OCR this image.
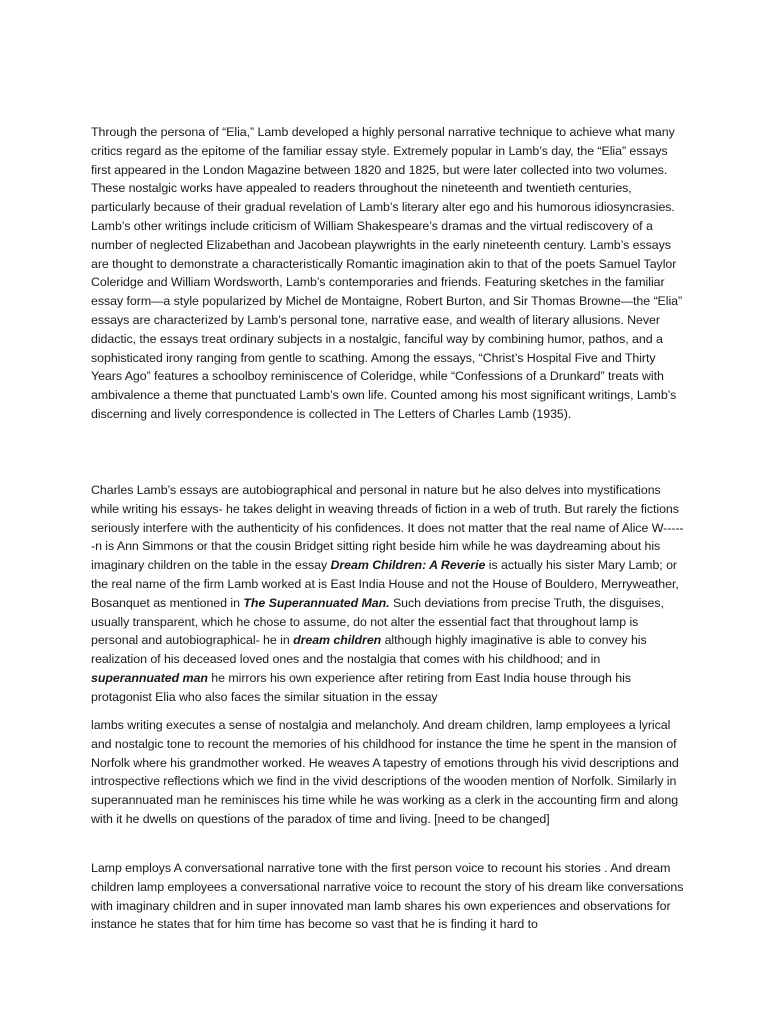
Through the persona of “Elia,” Lamb developed a highly personal narrative technique to achieve what many critics regard as the epitome of the familiar essay style. Extremely popular in Lamb’s day, the “Elia” essays first appeared in the London Magazine between 1820 and 1825, but were later collected into two volumes. These nostalgic works have appealed to readers throughout the nineteenth and twentieth centuries, particularly because of their gradual revelation of Lamb’s literary alter ego and his humorous idiosyncrasies. Lamb’s other writings include criticism of William Shakespeare’s dramas and the virtual rediscovery of a number of neglected Elizabethan and Jacobean playwrights in the early nineteenth century. Lamb’s essays are thought to demonstrate a characteristically Romantic imagination akin to that of the poets Samuel Taylor Coleridge and William Wordsworth, Lamb’s contemporaries and friends. Featuring sketches in the familiar essay form—a style popularized by Michel de Montaigne, Robert Burton, and Sir Thomas Browne—the “Elia” essays are characterized by Lamb’s personal tone, narrative ease, and wealth of literary allusions. Never didactic, the essays treat ordinary subjects in a nostalgic, fanciful way by combining humor, pathos, and a sophisticated irony ranging from gentle to scathing. Among the essays, “Christ’s Hospital Five and Thirty Years Ago” features a schoolboy reminiscence of Coleridge, while “Confessions of a Drunkard” treats with ambivalence a theme that punctuated Lamb’s own life. Counted among his most significant writings, Lamb’s discerning and lively correspondence is collected in The Letters of Charles Lamb (1935).

Charles Lamb’s essays are autobiographical and personal in nature but he also delves into mystifications while writing his essays- he takes delight in weaving threads of fiction in a web of truth. But rarely the fictions seriously interfere with the authenticity of his confidences. It does not matter that the real name of Alice W------n is Ann Simmons or that the cousin Bridget sitting right beside him while he was daydreaming about his imaginary children on the table in the essay Dream Children: A Reverie is actually his sister Mary Lamb; or the real name of the firm Lamb worked at is East India House and not the House of Bouldero, Merryweather, Bosanquet as mentioned in The Superannuated Man. Such deviations from precise Truth, the disguises, usually transparent, which he chose to assume, do not alter the essential fact that throughout lamp is personal and autobiographical- he in dream children although highly imaginative is able to convey his realization of his deceased loved ones and the nostalgia that comes with his childhood; and in superannuated man he mirrors his own experience after retiring from East India house through his protagonist Elia who also faces the similar situation in the essay

lambs writing executes a sense of nostalgia and melancholy. And dream children, lamp employees a lyrical and nostalgic tone to recount the memories of his childhood for instance the time he spent in the mansion of Norfolk where his grandmother worked. He weaves A tapestry of emotions through his vivid descriptions and introspective reflections which we find in the vivid descriptions of the wooden mention of Norfolk. Similarly in superannuated man he reminisces his time while he was working as a clerk in the accounting firm and along with it he dwells on questions of the paradox of time and living. [need to be changed]

Lamp employs A conversational narrative tone with the first person voice to recount his stories . And dream children lamp employees a conversational narrative voice to recount the story of his dream like conversations with imaginary children and in super innovated man lamb shares his own experiences and observations for instance he states that for him time has become so vast that he is finding it hard to
